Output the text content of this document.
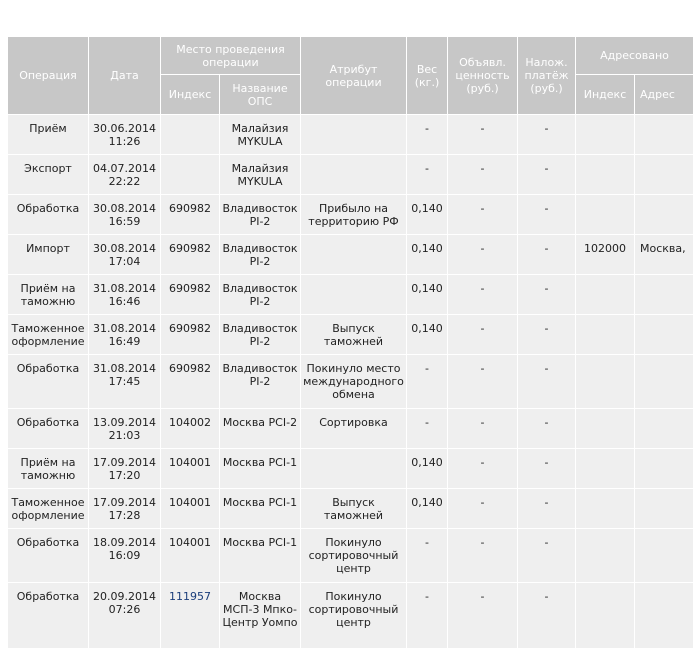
Операция	Дата	Место проведения операции		Атрибут операции	Вес (кг.)	Объявл. ценность (руб.)	Налож. платёж (руб.)	Адресовано	
		Индекс	Название ОПС					Индекс	Адрес
Приём	30.06.2014 11:26		Малайзия MYKULA		-	-	-		
Экспорт	04.07.2014 22:22		Малайзия MYKULA		-	-	-		
Обработка	30.08.2014 16:59	690982	Владивосток PI-2	Прибыло на территорию РФ	0,140	-	-		
Импорт	30.08.2014 17:04	690982	Владивосток PI-2		0,140	-	-	102000	Москва,
Приём на таможню	31.08.2014 16:46	690982	Владивосток PI-2		0,140	-	-		
Таможенное оформление	31.08.2014 16:49	690982	Владивосток PI-2	Выпуск таможней	0,140	-	-		
Обработка	31.08.2014 17:45	690982	Владивосток PI-2	Покинуло место международного обмена	-	-	-		
Обработка	13.09.2014 21:03	104002	Москва PCI-2	Сортировка	-	-	-		
Приём на таможню	17.09.2014 17:20	104001	Москва PCI-1		0,140	-	-		
Таможенное оформление	17.09.2014 17:28	104001	Москва PCI-1	Выпуск таможней	0,140	-	-		
Обработка	18.09.2014 16:09	104001	Москва PCI-1	Покинуло сортировочный центр	-	-	-		
Обработка	20.09.2014 07:26	111957	Москва МСП-3 Мпко-Центр Уомпо	Покинуло сортировочный центр	-	-	-		
